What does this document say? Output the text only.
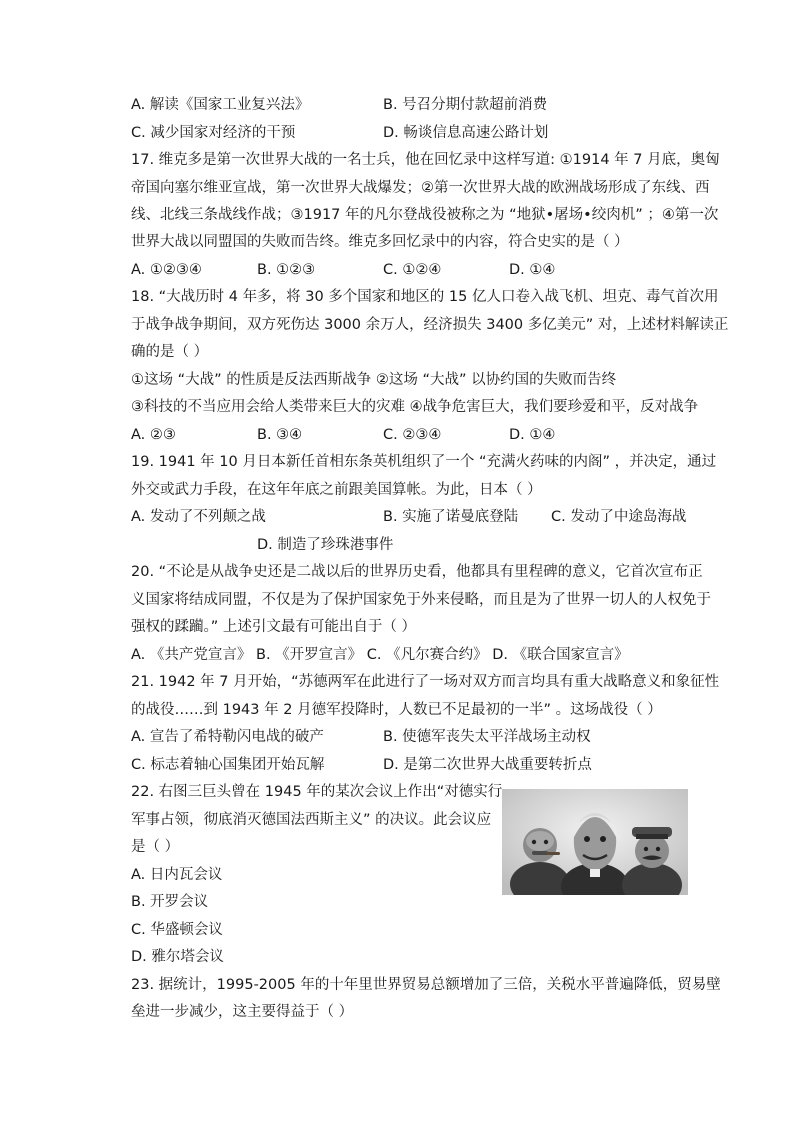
A. 解读《国家工业复兴法》	B. 号召分期付款超前消费
C. 减少国家对经济的干预	D. 畅谈信息高速公路计划
17. 维克多是第一次世界大战的一名士兵，他在回忆录中这样写道: ①1914 年 7 月底，奥匈
帝国向塞尔维亚宣战，第一次世界大战爆发；②第一次世界大战的欧洲战场形成了东线、西
线、北线三条战线作战；③1917 年的凡尔登战役被称之为 “地狱•屠场•绞肉机” ；④第一次
世界大战以同盟国的失败而告终。维克多回忆录中的内容，符合史实的是（ ）
A. ①②③④	B. ①②③	C. ①②④	D. ①④
18. “大战历时 4 年多，将 30 多个国家和地区的 15 亿人口卷入战飞机、坦克、毒气首次用
于战争战争期间，双方死伤达 3000 余万人，经济损失 3400 多亿美元” 对，上述材料解读正
确的是（ ）
①这场 “大战” 的性质是反法西斯战争 ②这场 “大战” 以协约国的失败而告终
③科技的不当应用会给人类带来巨大的灾难 ④战争危害巨大，我们要珍爱和平，反对战争
A. ②③	B. ③④	C. ②③④	D. ①④
19. 1941 年 10 月日本新任首相东条英机组织了一个 “充满火药味的内阁” ，并决定，通过
外交或武力手段，在这年年底之前跟美国算帐。为此，日本（ ）
A. 发动了不列颠之战	B. 实施了诺曼底登陆 C. 发动了中途岛海战
D. 制造了珍珠港事件
20. “不论是从战争史还是二战以后的世界历史看，他都具有里程碑的意义，它首次宣布正
义国家将结成同盟，不仅是为了保护国家免于外来侵略，而且是为了世界一切人的人权免于
强权的蹂躏。” 上述引文最有可能出自于（ ）
A. 《共产党宣言》 B. 《开罗宣言》 C. 《凡尔赛合约》 D. 《联合国家宣言》
21. 1942 年 7 月开始，“苏德两军在此进行了一场对双方而言均具有重大战略意义和象征性
的战役……到 1943 年 2 月德军投降时，人数已不足最初的一半” 。这场战役（ ）
A. 宣告了希特勒闪电战的破产	B. 使德军丧失太平洋战场主动权
C. 标志着轴心国集团开始瓦解	D. 是第二次世界大战重要转折点
22. 右图三巨头曾在 1945 年的某次会议上作出“对德实行
军事占领，彻底消灭德国法西斯主义” 的决议。此会议应
是（ ）
A. 日内瓦会议
B. 开罗会议
C. 华盛顿会议
D. 雅尔塔会议
23. 据统计，1995-2005 年的十年里世界贸易总额增加了三倍，关税水平普遍降低，贸易壁
垒进一步减少，这主要得益于（ ）
